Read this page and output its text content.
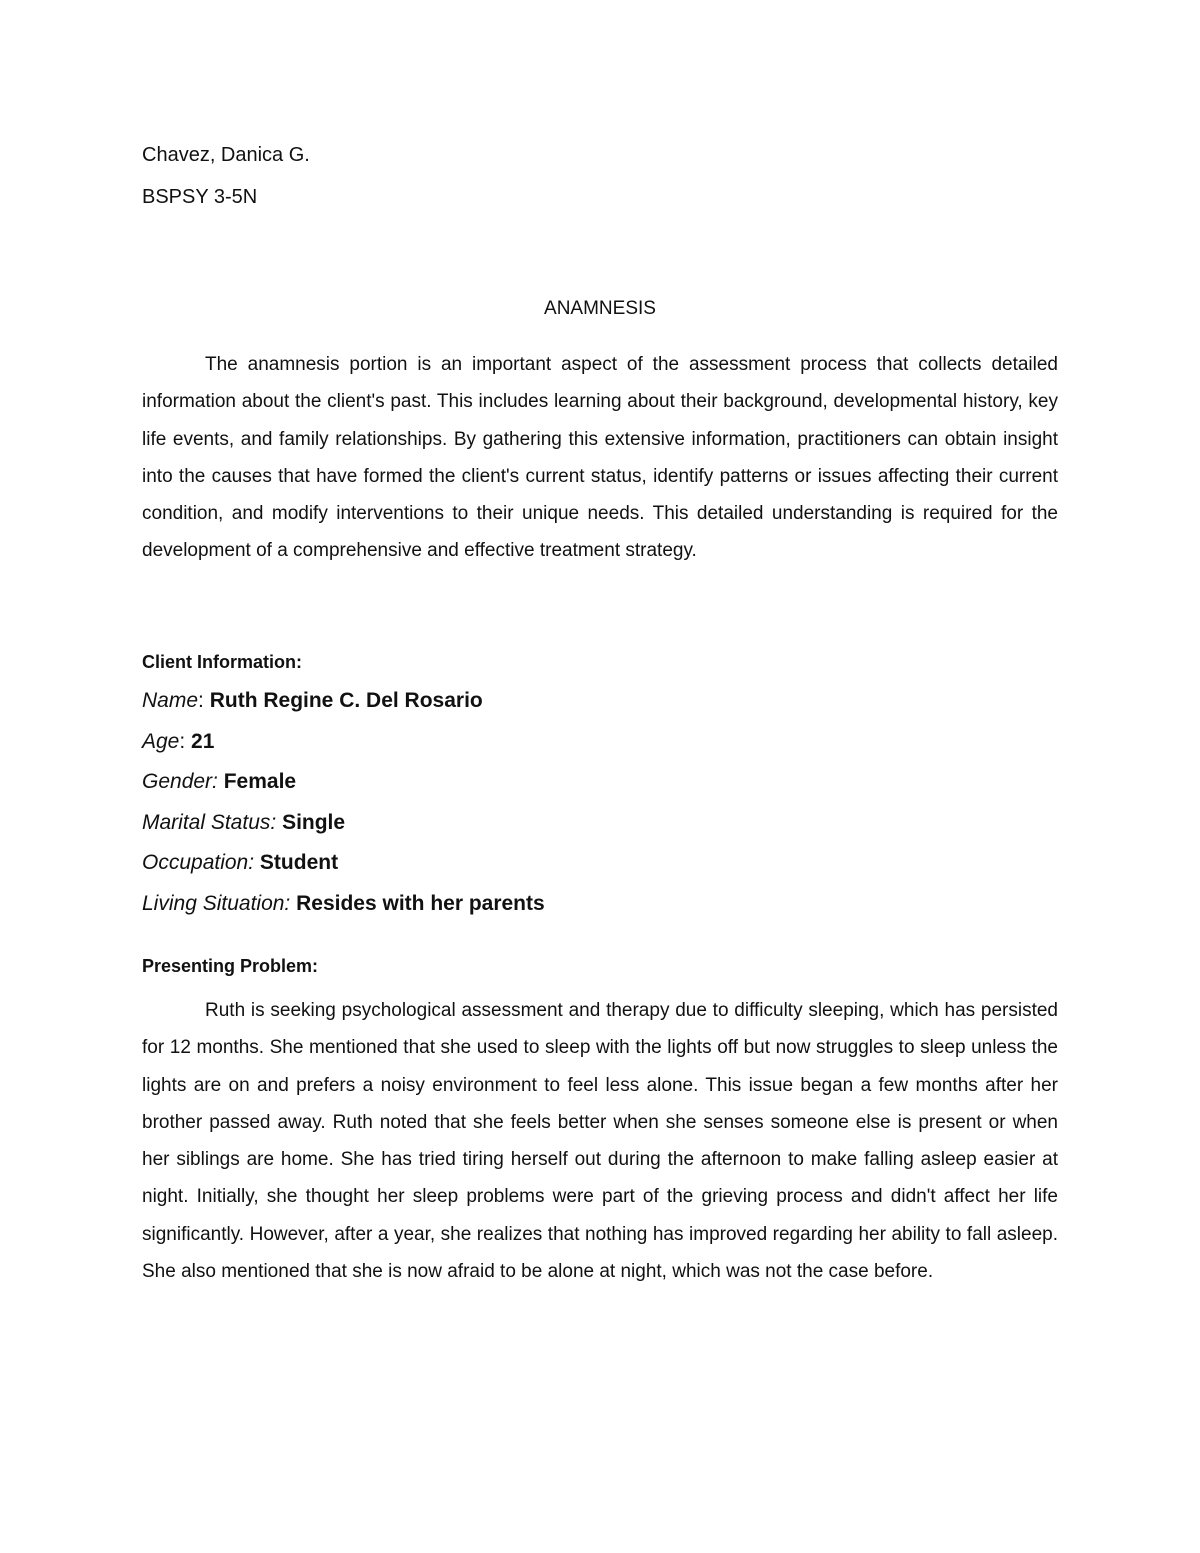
Chavez, Danica G.
BSPSY 3-5N
ANAMNESIS

The anamnesis portion is an important aspect of the assessment process that collects detailed information about the client's past. This includes learning about their background, developmental history, key life events, and family relationships. By gathering this extensive information, practitioners can obtain insight into the causes that have formed the client's current status, identify patterns or issues affecting their current condition, and modify interventions to their unique needs. This detailed understanding is required for the development of a comprehensive and effective treatment strategy.

Client Information:
Name: Ruth Regine C. Del Rosario
Age: 21
Gender: Female
Marital Status: Single
Occupation: Student
Living Situation: Resides with her parents
Presenting Problem:

Ruth is seeking psychological assessment and therapy due to difficulty sleeping, which has persisted for 12 months. She mentioned that she used to sleep with the lights off but now struggles to sleep unless the lights are on and prefers a noisy environment to feel less alone. This issue began a few months after her brother passed away. Ruth noted that she feels better when she senses someone else is present or when her siblings are home. She has tried tiring herself out during the afternoon to make falling asleep easier at night. Initially, she thought her sleep problems were part of the grieving process and didn't affect her life significantly. However, after a year, she realizes that nothing has improved regarding her ability to fall asleep. She also mentioned that she is now afraid to be alone at night, which was not the case before.
